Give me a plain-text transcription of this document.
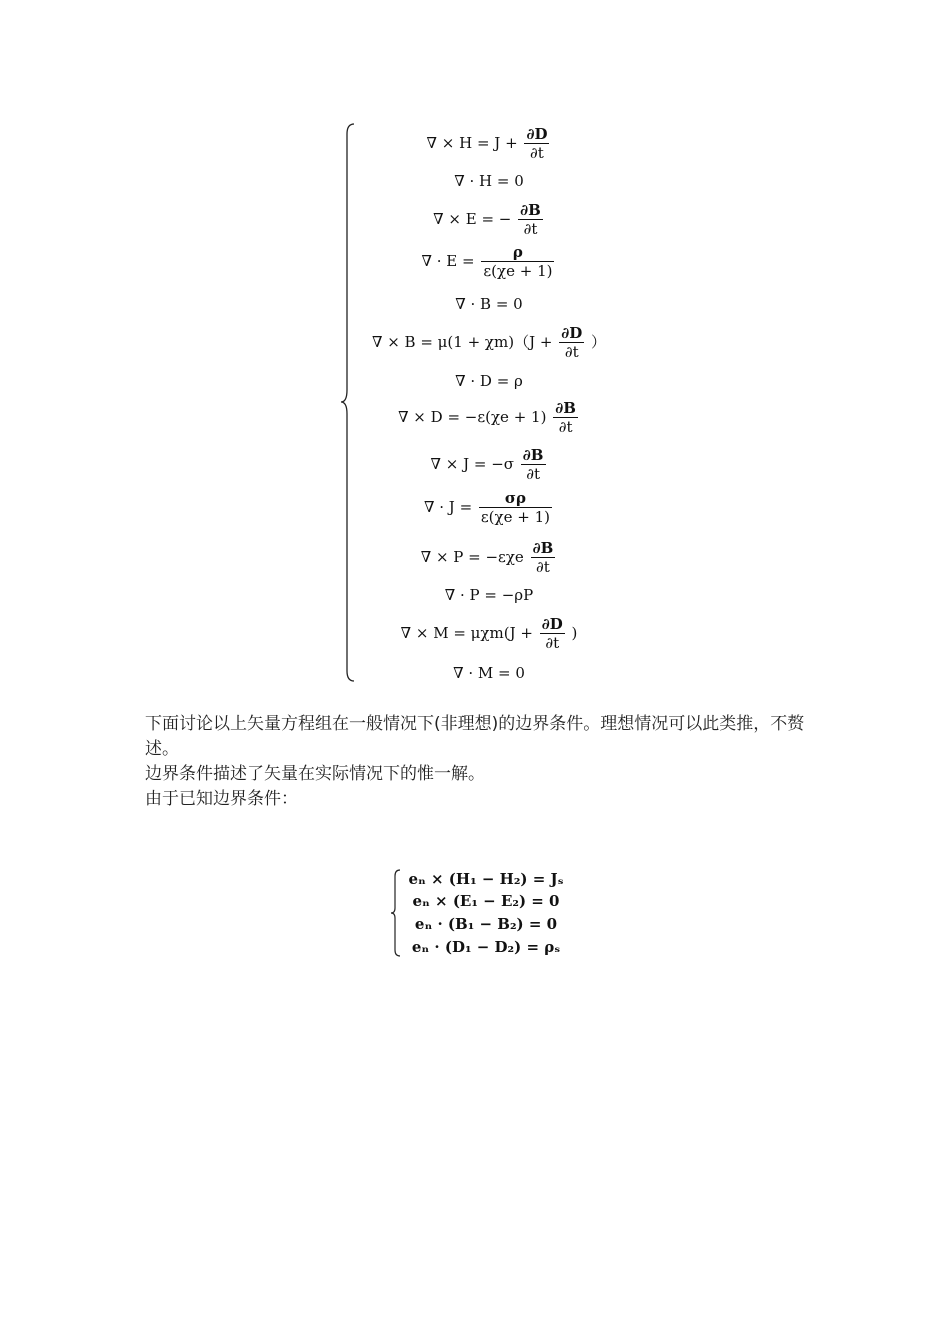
∇ × $H = J + \frac{\partial D}{\partial t}$
∇ · H = 0
∇ × E = − $\frac{\partial B}{\partial t}$
∇ · $E = \frac{\rho}{\varepsilon(\chi e + 1)}$
∇ · B = 0
∇ × $B = \mu(1 + \chi m)(J + \frac{\partial D}{\partial t}$ ）
∇ · D = ρ
∇ × $D = -\varepsilon(\chi e + 1) \frac{\partial B}{\partial t}$
∇ × $J = -\sigma \frac{\partial B}{\partial t}$
∇ · $J = \frac{\sigma\rho}{\varepsilon(\chi e + 1)}$
∇ × $P = -\varepsilon\chi e \frac{\partial B}{\partial t}$
∇ · P = −ρP
∇ × $M = \mu\chi m(J + \frac{\partial D}{\partial t}$ )
∇ · M = 0
下面讨论以上矢量方程组在一般情况下(非理想)的边界条件。理想情况可以此类推，不赘述。
边界条件描述了矢量在实际情况下的惟一解。
由于已知边界条件：
eₙ × (H₁ − H₂) = Jₛ
eₙ × (E₁ − E₂) = 0
eₙ · (B₁ − B₂) = 0
eₙ · (D₁ − D₂) = ρₛ
